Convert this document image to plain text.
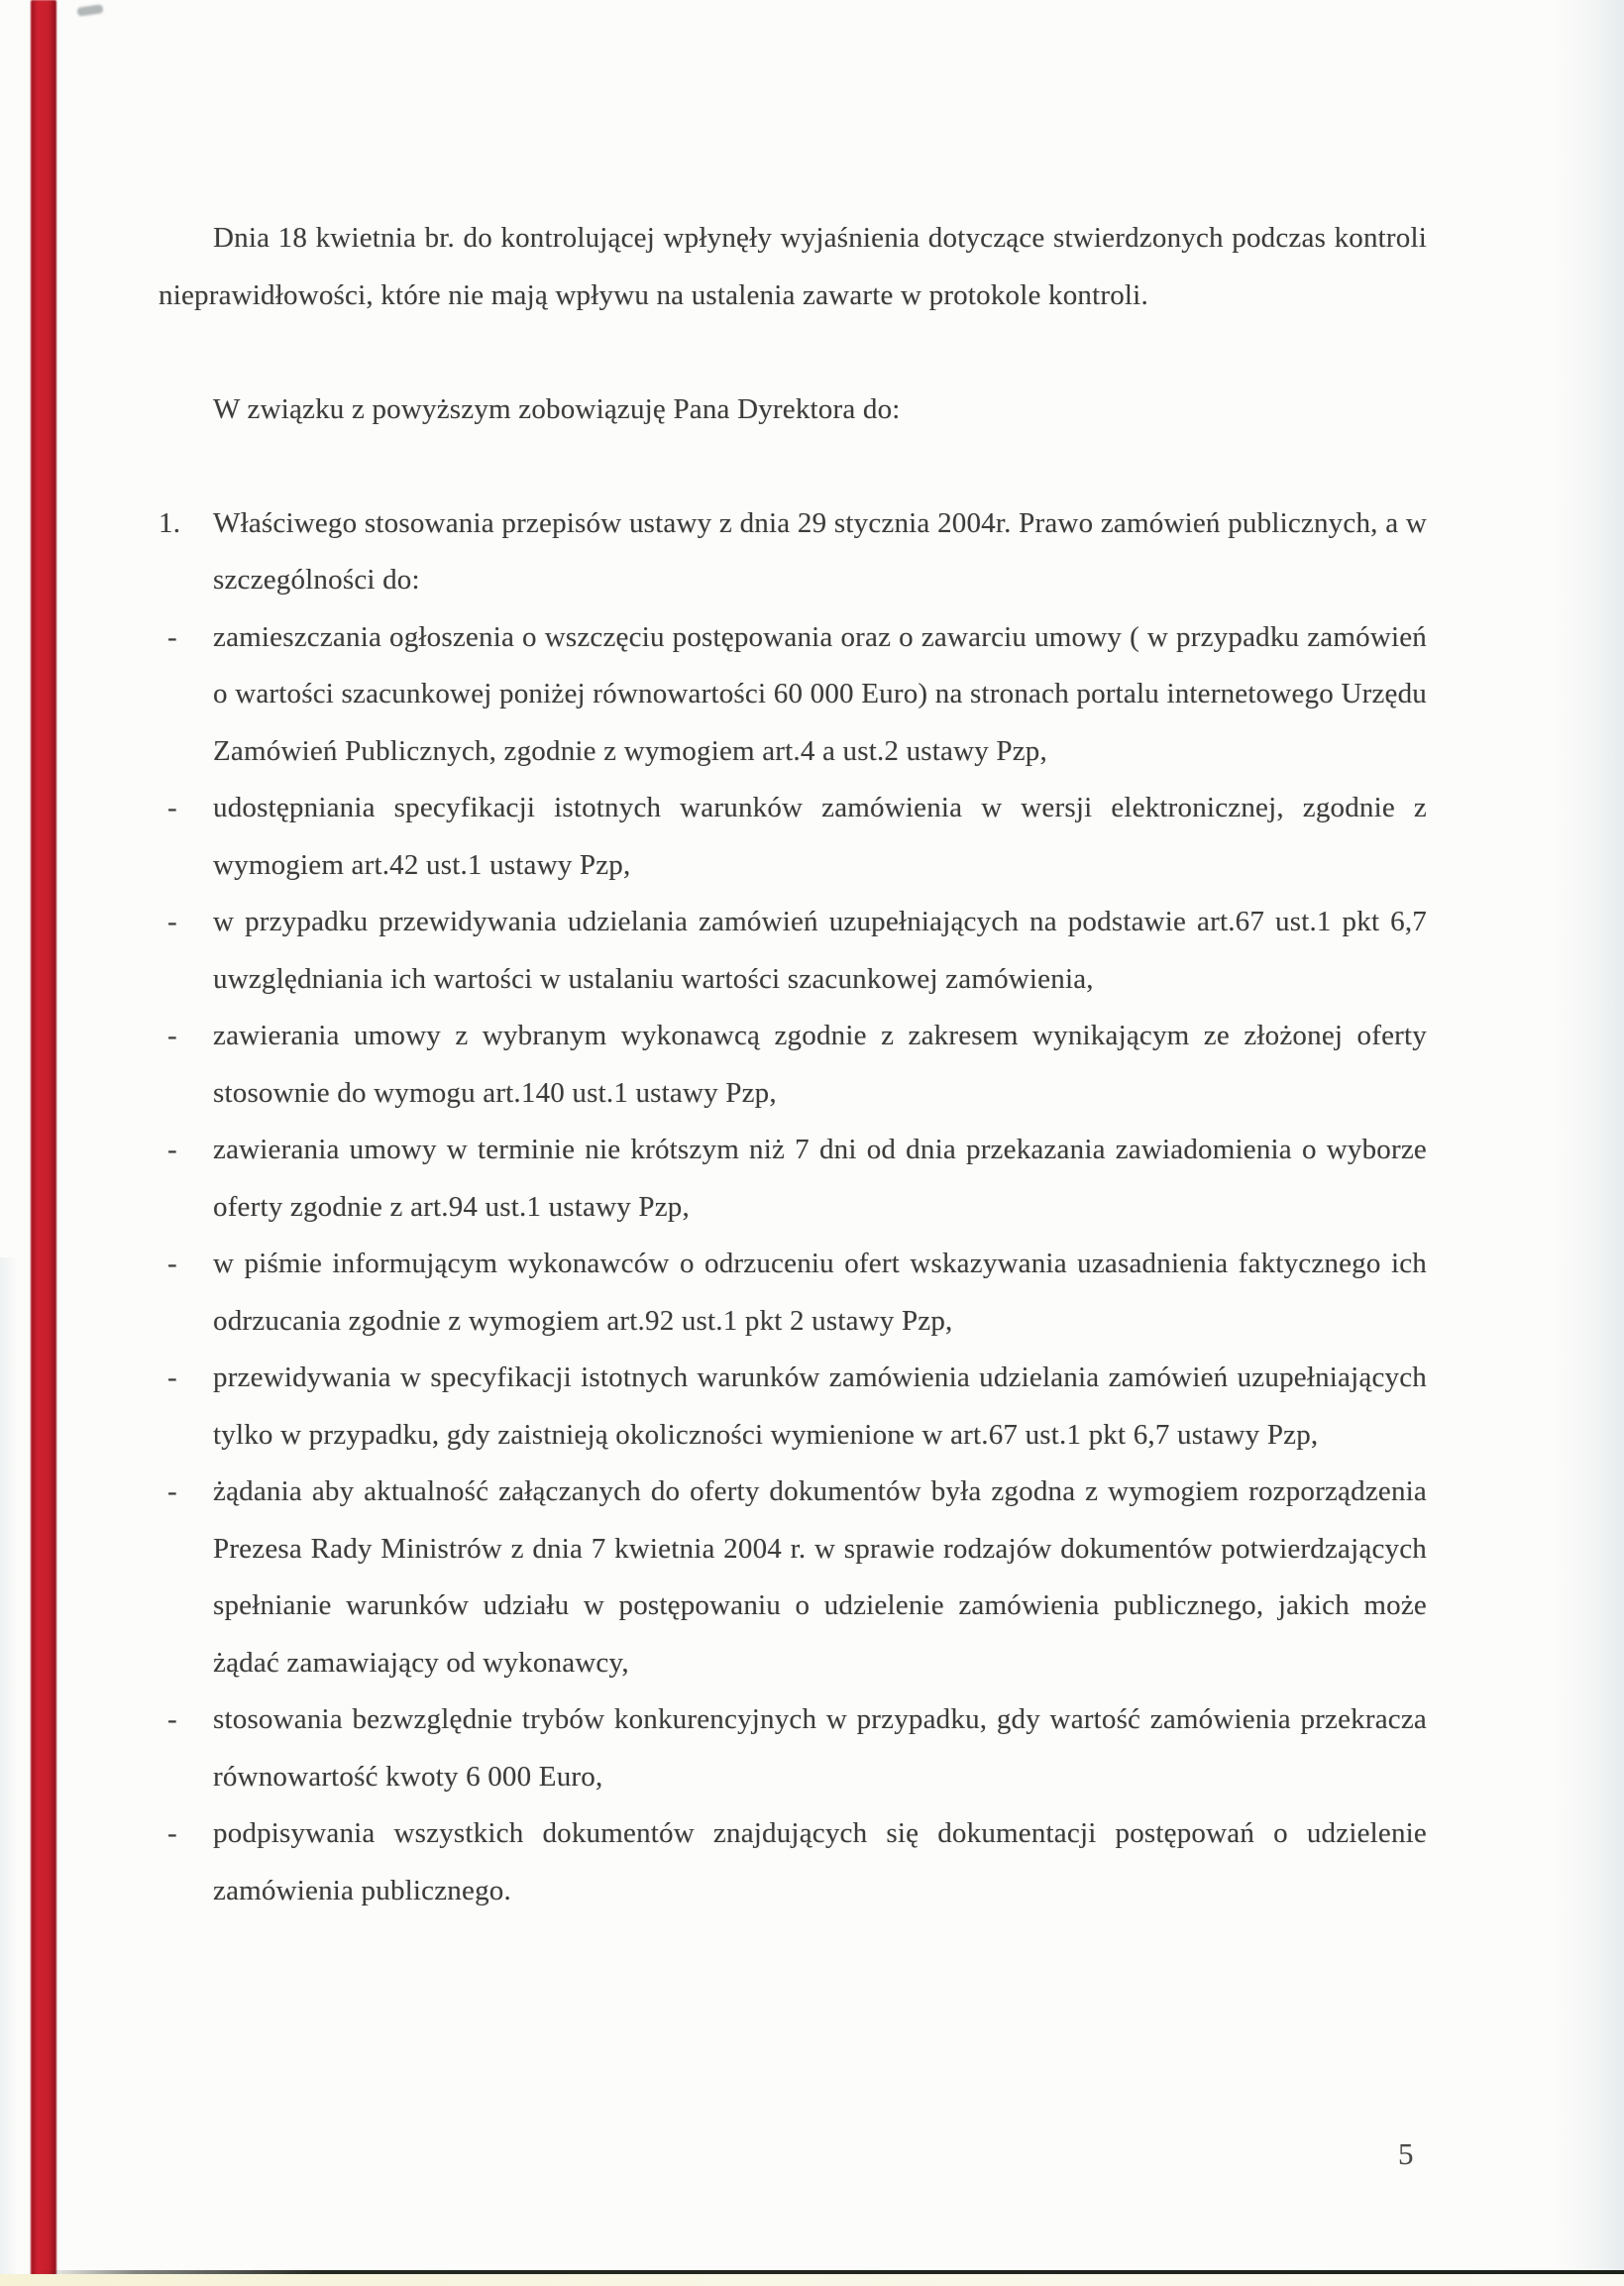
Dnia 18 kwietnia br. do kontrolującej wpłynęły wyjaśnienia dotyczące stwierdzonych podczas kontroli nieprawidłowości, które nie mają wpływu na ustalenia zawarte w protokole kontroli.
W związku z powyższym zobowiązuję Pana Dyrektora do:
1.	Właściwego stosowania przepisów ustawy z dnia 29 stycznia 2004r. Prawo zamówień publicznych, a w szczególności do:
-	zamieszczania ogłoszenia o wszczęciu postępowania oraz o zawarciu umowy ( w przypadku zamówień o wartości szacunkowej poniżej równowartości 60 000 Euro) na stronach portalu internetowego Urzędu Zamówień Publicznych, zgodnie z wymogiem art.4 a ust.2 ustawy Pzp,
-	udostępniania specyfikacji istotnych warunków zamówienia w wersji elektronicznej, zgodnie z wymogiem art.42 ust.1 ustawy Pzp,
-	w przypadku przewidywania udzielania zamówień uzupełniających na podstawie art.67 ust.1 pkt 6,7 uwzględniania ich wartości w ustalaniu wartości szacunkowej zamówienia,
-	zawierania umowy z wybranym wykonawcą zgodnie z zakresem wynikającym ze złożonej oferty stosownie do wymogu art.140 ust.1 ustawy Pzp,
-	zawierania umowy w terminie nie krótszym niż 7 dni od dnia przekazania zawiadomienia o wyborze oferty zgodnie z art.94 ust.1 ustawy Pzp,
-	w piśmie informującym wykonawców o odrzuceniu ofert wskazywania uzasadnienia faktycznego ich odrzucania zgodnie z wymogiem art.92 ust.1 pkt 2 ustawy Pzp,
-	przewidywania w specyfikacji istotnych warunków zamówienia udzielania zamówień uzupełniających tylko w przypadku, gdy zaistnieją okoliczności wymienione w art.67 ust.1 pkt 6,7 ustawy Pzp,
-	żądania aby aktualność załączanych do oferty dokumentów była zgodna z wymogiem rozporządzenia Prezesa Rady Ministrów z dnia 7 kwietnia 2004 r. w sprawie rodzajów dokumentów potwierdzających spełnianie warunków udziału w postępowaniu o udzielenie zamówienia publicznego, jakich może żądać zamawiający od wykonawcy,
-	stosowania bezwzględnie trybów konkurencyjnych w przypadku, gdy wartość zamówienia przekracza równowartość kwoty 6 000 Euro,
-	podpisywania wszystkich dokumentów znajdujących się dokumentacji postępowań o udzielenie zamówienia publicznego.
5
